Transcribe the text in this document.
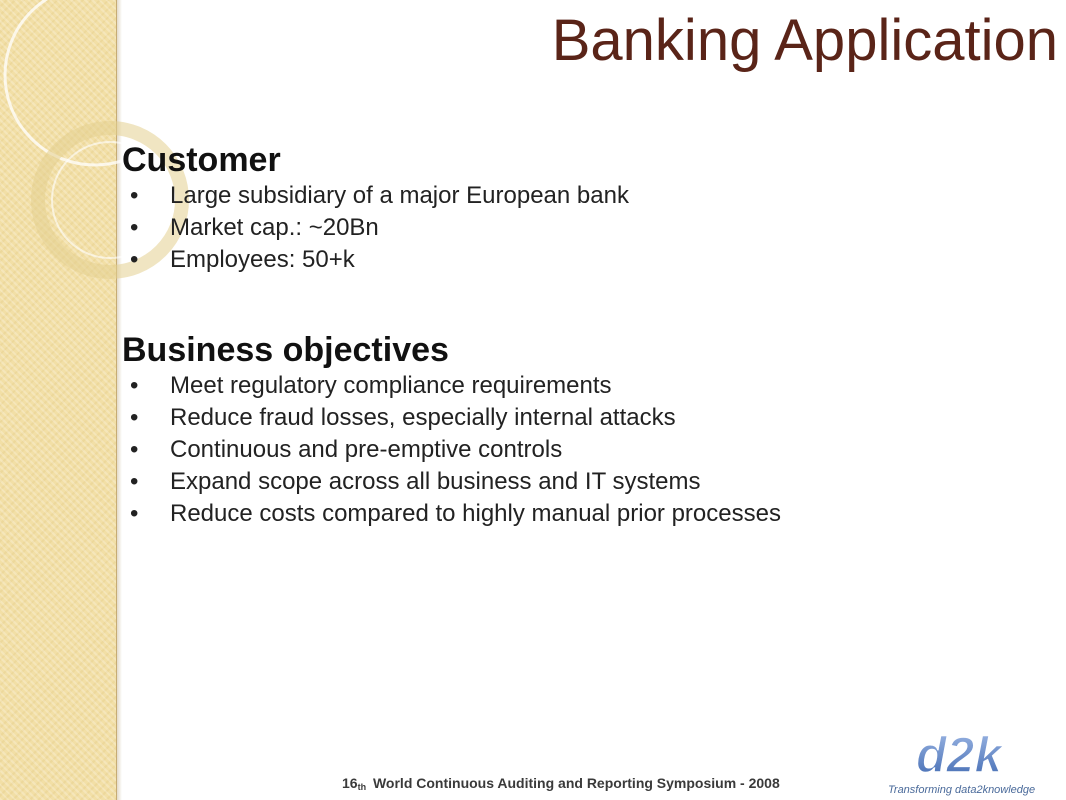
Banking Application
Customer
• Large subsidiary of a major European bank
• Market cap.: ~20Bn
• Employees: 50+k
Business objectives
• Meet regulatory compliance requirements
• Reduce fraud losses, especially internal attacks
• Continuous and pre-emptive controls
• Expand scope across all business and IT systems
• Reduce costs compared to highly manual prior processes
$16_{th}$ World Continuous Auditing and Reporting Symposium - 2008	d2k
Transforming data2knowledge
